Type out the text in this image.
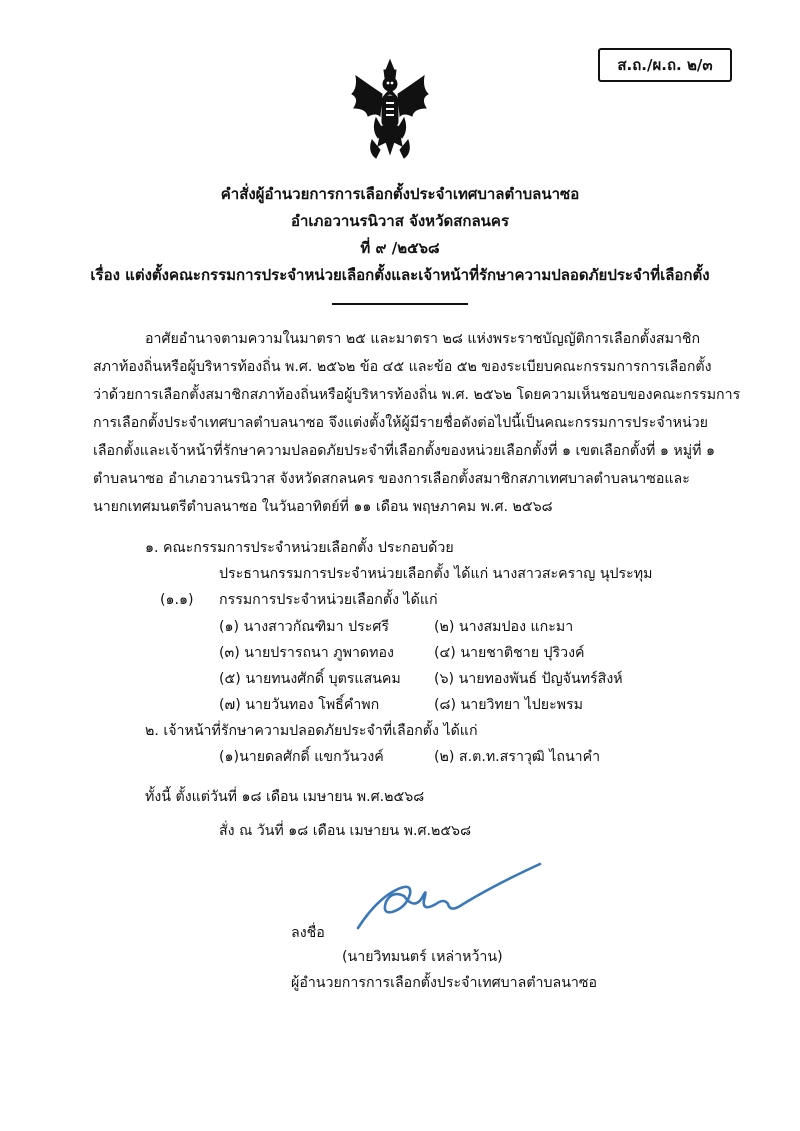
ส.ถ./ผ.ถ. ๒/๓
คำสั่งผู้อำนวยการการเลือกตั้งประจำเทศบาลตำบลนาซอ
อำเภอวานรนิวาส จังหวัดสกลนคร
ที่ ๙ /๒๕๖๘
เรื่อง แต่งตั้งคณะกรรมการประจำหน่วยเลือกตั้งและเจ้าหน้าที่รักษาความปลอดภัยประจำที่เลือกตั้ง
อาศัยอำนาจตามความในมาตรา ๒๕ และมาตรา ๒๘ แห่งพระราชบัญญัติการเลือกตั้งสมาชิก
สภาท้องถิ่นหรือผู้บริหารท้องถิ่น พ.ศ. ๒๕๖๒ ข้อ ๔๕ และข้อ ๕๒ ของระเบียบคณะกรรมการการเลือกตั้ง
ว่าด้วยการเลือกตั้งสมาชิกสภาท้องถิ่นหรือผู้บริหารท้องถิ่น พ.ศ. ๒๕๖๒ โดยความเห็นชอบของคณะกรรมการ
การเลือกตั้งประจำเทศบาลตำบลนาซอ จึงแต่งตั้งให้ผู้มีรายชื่อดังต่อไปนี้เป็นคณะกรรมการประจำหน่วย
เลือกตั้งและเจ้าหน้าที่รักษาความปลอดภัยประจำที่เลือกตั้งของหน่วยเลือกตั้งที่ ๑ เขตเลือกตั้งที่ ๑ หมู่ที่ ๑
ตำบลนาซอ อำเภอวานรนิวาส จังหวัดสกลนคร ของการเลือกตั้งสมาชิกสภาเทศบาลตำบลนาซอและ
นายกเทศมนตรีตำบลนาซอ ในวันอาทิตย์ที่ ๑๑ เดือน พฤษภาคม พ.ศ. ๒๕๖๘
๑. คณะกรรมการประจำหน่วยเลือกตั้ง ประกอบด้วย
ประธานกรรมการประจำหน่วยเลือกตั้ง ได้แก่ นางสาวสะคราญ นุประทุม
(๑.๑) กรรมการประจำหน่วยเลือกตั้ง ได้แก่
(๑) นางสาวกัณฑิมา ประศรี	(๒) นางสมปอง แกะมา
(๓) นายปรารถนา ภูพาดทอง	(๔) นายชาติชาย ปุริวงค์
(๕) นายทนงศักดิ์ บุตรแสนคม (๖) นายทองพันธ์ ปัญจันทร์สิงห์
(๗) นายวันทอง โพธิ์คำพก	(๘) นายวิทยา ไปยะพรม
๒. เจ้าหน้าที่รักษาความปลอดภัยประจำที่เลือกตั้ง ได้แก่
(๑)นายดลศักดิ์ แขกวันวงค์	(๒) ส.ต.ท.สราวุฒิ ไถนาคำ
ทั้งนี้ ตั้งแต่วันที่ ๑๘ เดือน เมษายน พ.ศ.๒๕๖๘
สั่ง ณ วันที่ ๑๘ เดือน เมษายน พ.ศ.๒๕๖๘
ลงชื่อ
(นายวิทมนตร์ เหล่าหว้าน)
ผู้อำนวยการการเลือกตั้งประจำเทศบาลตำบลนาซอ
